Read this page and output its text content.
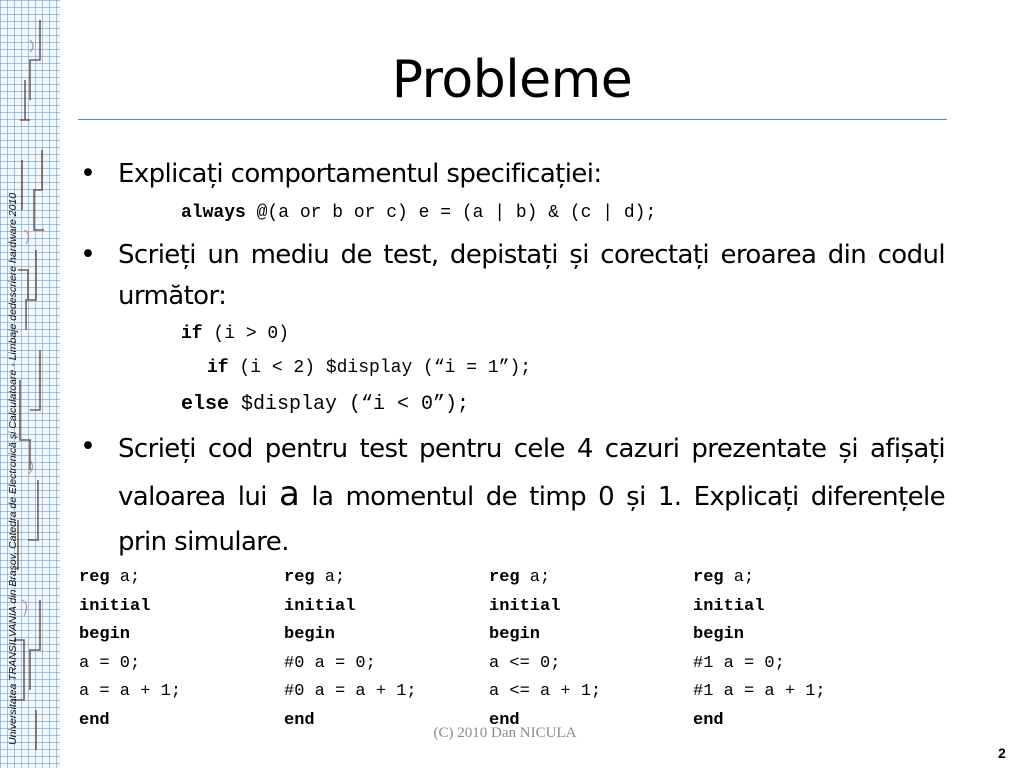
Universitatea TRANSILVANIA din Brașov, Catedra de Electronică și Calculatoare - Limbaje dedescriere hardware 2010
Probleme
• Explicați comportamentul specificației:
always @(a or b or c) e = (a | b) & (c | d);
• Scrieți un mediu de test, depistați și corectați eroarea din codul următor:
if (i > 0)
if (i < 2) $display (“i = 1”);
else $display (“i < 0”);
• Scrieți cod pentru test pentru cele 4 cazuri prezentate și afișați valoarea lui a la momentul de timp 0 și 1. Explicați diferențele prin simulare.
reg a;
initial
begin
a = 0;
a = a + 1;
end
reg a;
initial
begin
#0 a = 0;
#0 a = a + 1;
end
reg a;
initial
begin
a <= 0;
a <= a + 1;
end
reg a;
initial
begin
#1 a = 0;
#1 a = a + 1;
end
(C) 2010 Dan NICULA
2
